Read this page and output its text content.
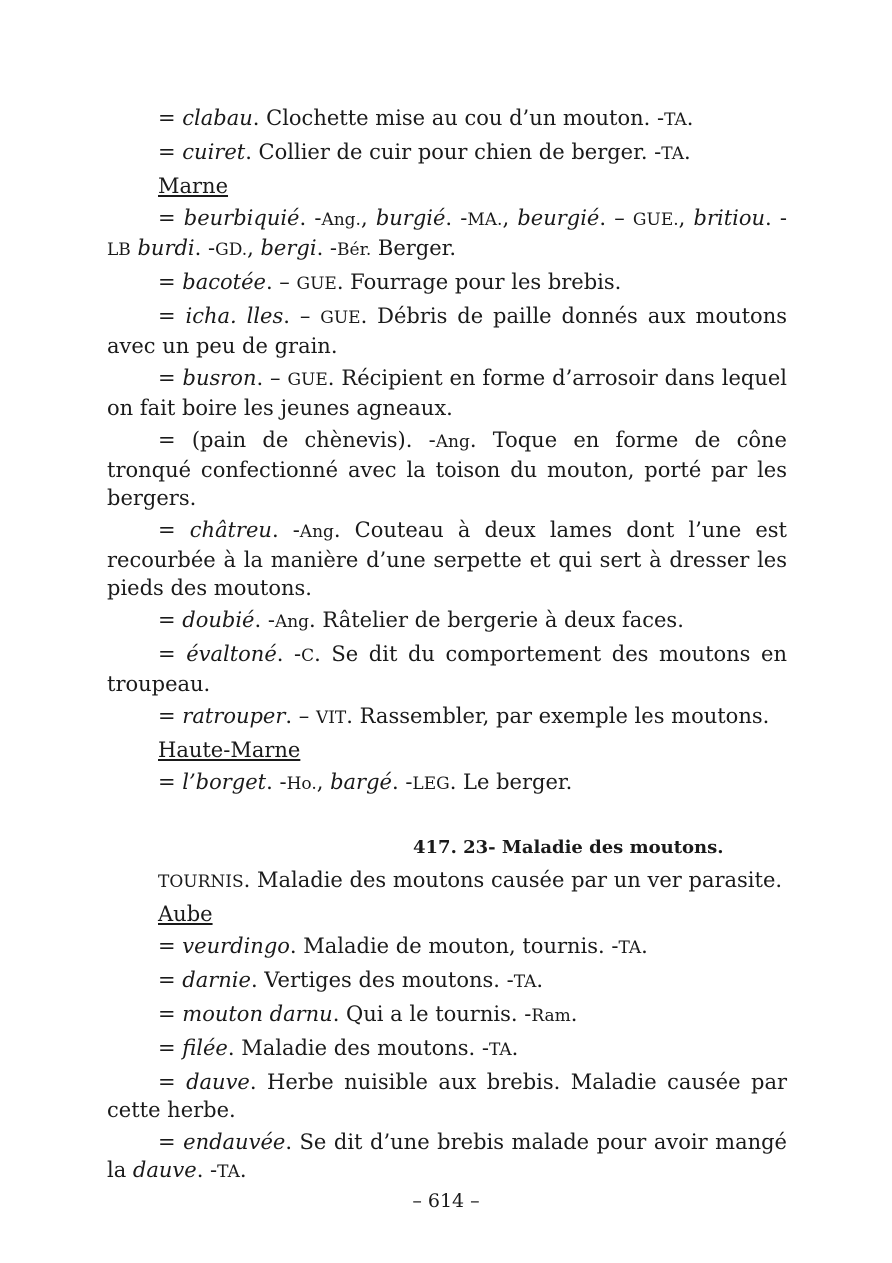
= clabau. Clochette mise au cou d’un mouton. -TA.

= cuiret. Collier de cuir pour chien de berger. -TA.

Marne

= beurbiquié. -Ang., burgié. -MA., beurgié. – GUE., britiou. -LB burdi. -GD., bergi. -Bér. Berger.

= bacotée. – GUE. Fourrage pour les brebis.

= icha. lles. – GUE. Débris de paille donnés aux moutons avec un peu de grain.

= busron. – GUE. Récipient en forme d’arrosoir dans lequel on fait boire les jeunes agneaux.

= (pain de chènevis). -Ang. Toque en forme de cône tronqué confectionné avec la toison du mouton, porté par les bergers.

= châtreu. -Ang. Couteau à deux lames dont l’une est recourbée à la manière d’une serpette et qui sert à dresser les pieds des moutons.

= doubié. -Ang. Râtelier de bergerie à deux faces.

= évaltoné. -C. Se dit du comportement des moutons en troupeau.

= ratrouper. – VIT. Rassembler, par exemple les moutons.

Haute-Marne

= l’borget. -Ho., bargé. -LEG. Le berger.

417. 23- Maladie des moutons.

TOURNIS. Maladie des moutons causée par un ver parasite.

Aube

= veurdingo. Maladie de mouton, tournis. -TA.

= darnie. Vertiges des moutons. -TA.

= mouton darnu. Qui a le tournis. -Ram.

= filée. Maladie des moutons. -TA.

= dauve. Herbe nuisible aux brebis. Maladie causée par cette herbe.

= endauvée. Se dit d’une brebis malade pour avoir mangé la dauve. -TA.

– 614 –
